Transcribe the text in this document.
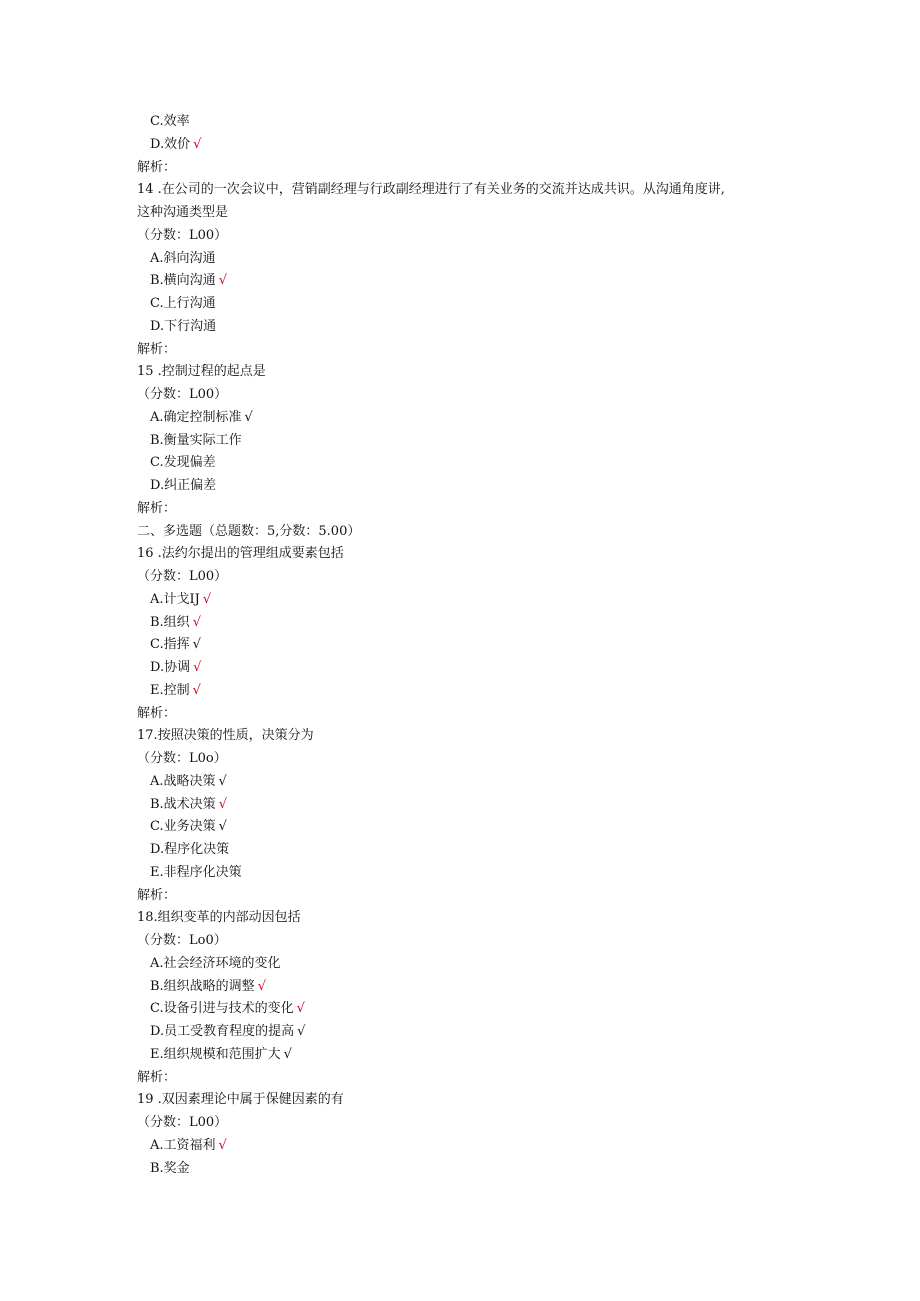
C.效率
D.效价 √
解析：
14 .在公司的一次会议中，营销副经理与行政副经理进行了有关业务的交流并达成共识。从沟通角度讲,
这种沟通类型是
（分数：L00）
A.斜向沟通
B.横向沟通 √
C.上行沟通
D.下行沟通
解析：
15 .控制过程的起点是
（分数：L00）
A.确定控制标准 √
B.衡量实际工作
C.发现偏差
D.纠正偏差
解析：
二、多选题（总题数：5,分数：5.00）
16 .法约尔提出的管理组成要素包括
（分数：L00）
A.计戈IJ √
B.组织 √
C.指挥 √
D.协调 √
E.控制 √
解析：
17.按照决策的性质，决策分为
（分数：L0o）
A.战略决策 √
B.战术决策 √
C.业务决策 √
D.程序化决策
E.非程序化决策
解析：
18.组织变革的内部动因包括
（分数：Lo0）
A.社会经济环境的变化
B.组织战略的调整 √
C.设备引进与技术的变化 √
D.员工受教育程度的提高 √
E.组织规模和范围扩大 √
解析：
19 .双因素理论中属于保健因素的有
（分数：L00）
A.工资福利 √
B.奖金
